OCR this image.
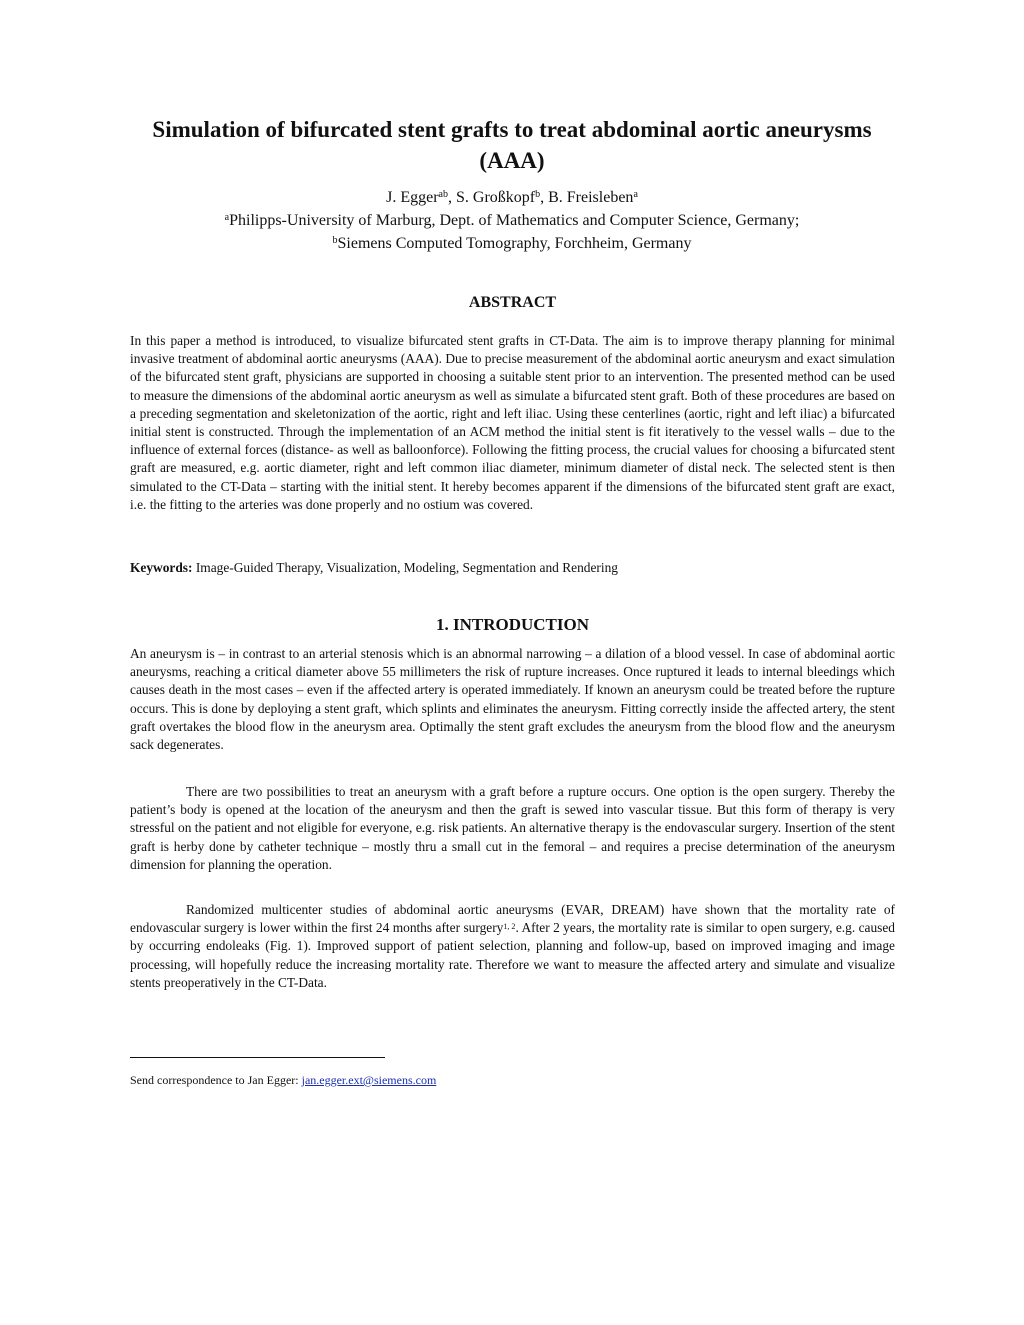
Simulation of bifurcated stent grafts to treat abdominal aortic aneurysms (AAA)
J. Egger$^{ab}$, S. Großkopf$^b$, B. Freisleben$^a$
$^a$Philipps-University of Marburg, Dept. of Mathematics and Computer Science, Germany;
$^b$Siemens Computed Tomography, Forchheim, Germany
ABSTRACT

In this paper a method is introduced, to visualize bifurcated stent grafts in CT-Data. The aim is to improve therapy planning for minimal invasive treatment of abdominal aortic aneurysms (AAA). Due to precise measurement of the abdominal aortic aneurysm and exact simulation of the bifurcated stent graft, physicians are supported in choosing a suitable stent prior to an intervention. The presented method can be used to measure the dimensions of the abdominal aortic aneurysm as well as simulate a bifurcated stent graft. Both of these procedures are based on a preceding segmentation and skeletonization of the aortic, right and left iliac. Using these centerlines (aortic, right and left iliac) a bifurcated initial stent is constructed. Through the implementation of an ACM method the initial stent is fit iteratively to the vessel walls – due to the influence of external forces (distance- as well as balloonforce). Following the fitting process, the crucial values for choosing a bifurcated stent graft are measured, e.g. aortic diameter, right and left common iliac diameter, minimum diameter of distal neck. The selected stent is then simulated to the CT-Data – starting with the initial stent. It hereby becomes apparent if the dimensions of the bifurcated stent graft are exact, i.e. the fitting to the arteries was done properly and no ostium was covered.

Keywords: Image-Guided Therapy, Visualization, Modeling, Segmentation and Rendering

1. INTRODUCTION

An aneurysm is – in contrast to an arterial stenosis which is an abnormal narrowing – a dilation of a blood vessel. In case of abdominal aortic aneurysms, reaching a critical diameter above 55 millimeters the risk of rupture increases. Once ruptured it leads to internal bleedings which causes death in the most cases – even if the affected artery is operated immediately. If known an aneurysm could be treated before the rupture occurs. This is done by deploying a stent graft, which splints and eliminates the aneurysm. Fitting correctly inside the affected artery, the stent graft overtakes the blood flow in the aneurysm area. Optimally the stent graft excludes the aneurysm from the blood flow and the aneurysm sack degenerates.

There are two possibilities to treat an aneurysm with a graft before a rupture occurs. One option is the open surgery. Thereby the patient’s body is opened at the location of the aneurysm and then the graft is sewed into vascular tissue. But this form of therapy is very stressful on the patient and not eligible for everyone, e.g. risk patients. An alternative therapy is the endovascular surgery. Insertion of the stent graft is herby done by catheter technique – mostly thru a small cut in the femoral – and requires a precise determination of the aneurysm dimension for planning the operation.

Randomized multicenter studies of abdominal aortic aneurysms (EVAR, DREAM) have shown that the mortality rate of endovascular surgery is lower within the first 24 months after surgery$^{1, 2}$. After 2 years, the mortality rate is similar to open surgery, e.g. caused by occurring endoleaks (Fig. 1). Improved support of patient selection, planning and follow-up, based on improved imaging and image processing, will hopefully reduce the increasing mortality rate. Therefore we want to measure the affected artery and simulate and visualize stents preoperatively in the CT-Data.

Send correspondence to Jan Egger: jan.egger.ext@siemens.com
